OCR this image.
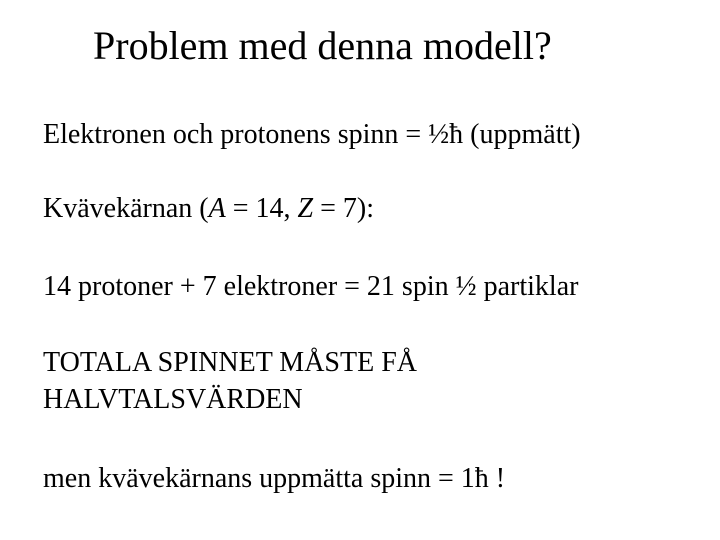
Problem med denna modell?
Elektronen och protonens spinn = ½ħ (uppmätt)
Kvävekärnan (A = 14, Z = 7):
14 protoner + 7 elektroner = 21 spin ½ partiklar
TOTALA SPINNET MÅSTE FÅ
HALVTALSVÄRDEN
men kvävekärnans uppmätta spinn = 1ħ !
